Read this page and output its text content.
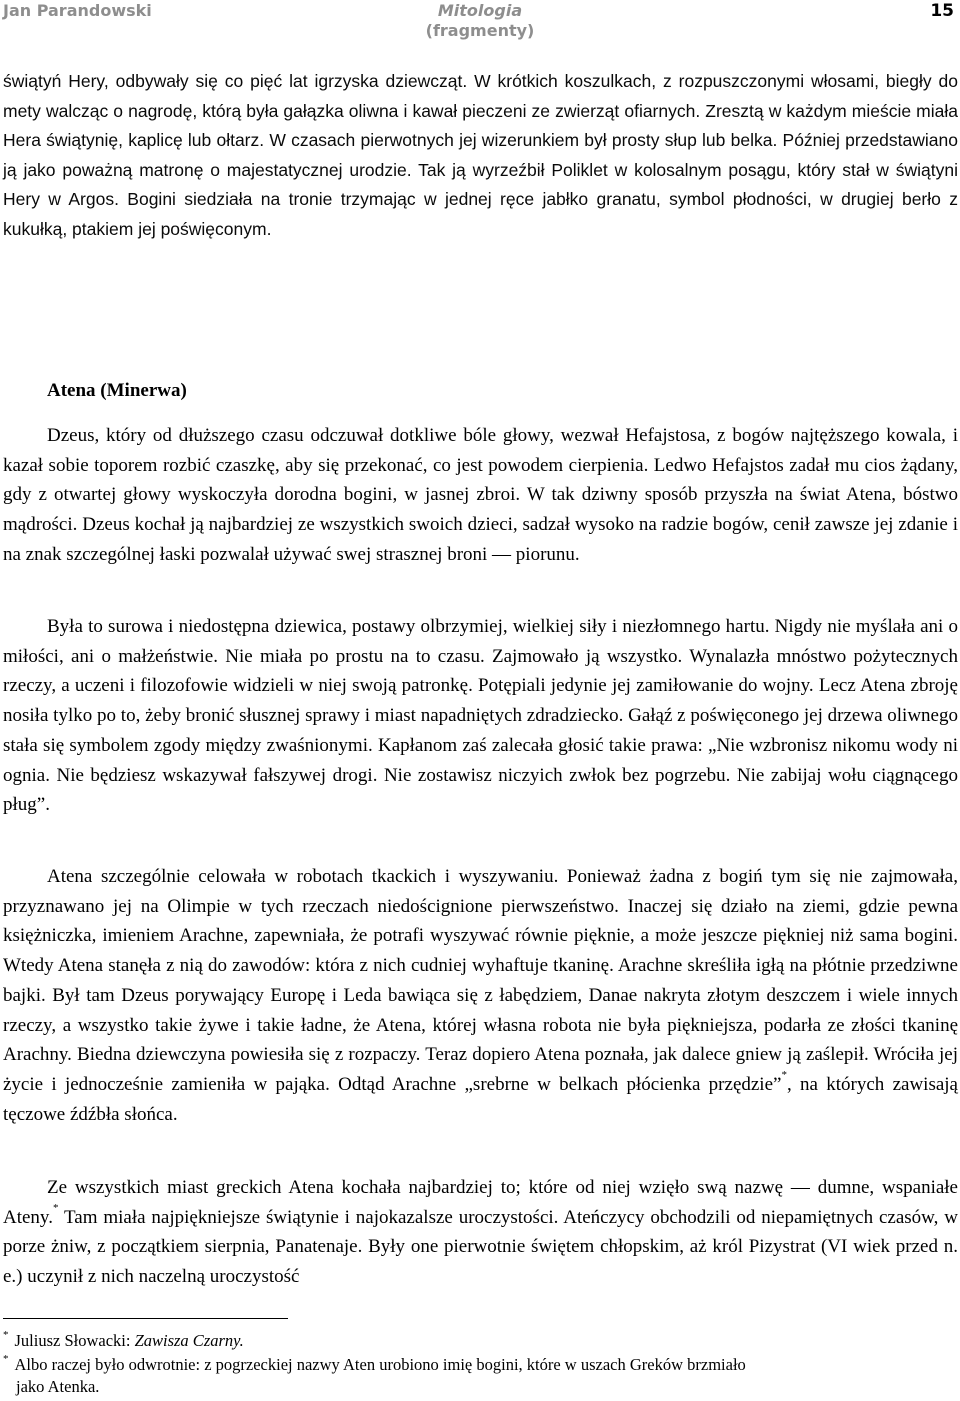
Jan Parandowski	Mitologia
(fragmenty)
15

świątyń Hery, odbywały się co pięć lat igrzyska dziewcząt. W krótkich koszulkach, z rozpuszczonymi włosami, biegły do mety walcząc o nagrodę, którą była gałązka oliwna i kawał pieczeni ze zwierząt ofiarnych. Zresztą w każdym mieście miała Hera świątynię, kaplicę lub ołtarz. W czasach pierwotnych jej wizerunkiem był prosty słup lub belka. Później przedstawiano ją jako poważną matronę o majestatycznej urodzie. Tak ją wyrzeźbił Poliklet w kolosalnym posągu, który stał w świątyni Hery w Argos. Bogini siedziała na tronie trzymając w jednej ręce jabłko granatu, symbol płodności, w drugiej berło z kukułką, ptakiem jej poświęconym.

Atena (Minerwa)

Dzeus, który od dłuższego czasu odczuwał dotkliwe bóle głowy, wezwał Hefajstosa, z bogów najtęższego kowala, i kazał sobie toporem rozbić czaszkę, aby się przekonać, co jest powodem cierpienia. Ledwo Hefajstos zadał mu cios żądany, gdy z otwartej głowy wyskoczyła dorodna bogini, w jasnej zbroi. W tak dziwny sposób przyszła na świat Atena, bóstwo mądrości. Dzeus kochał ją najbardziej ze wszystkich swoich dzieci, sadzał wysoko na radzie bogów, cenił zawsze jej zdanie i na znak szczególnej łaski pozwalał używać swej strasznej broni — piorunu.

Była to surowa i niedostępna dziewica, postawy olbrzymiej, wielkiej siły i niezłomnego hartu. Nigdy nie myślała ani o miłości, ani o małżeństwie. Nie miała po prostu na to czasu. Zajmowało ją wszystko. Wynalazła mnóstwo pożytecznych rzeczy, a uczeni i filozofowie widzieli w niej swoją patronkę. Potępiali jedynie jej zamiłowanie do wojny. Lecz Atena zbroję nosiła tylko po to, żeby bronić słusznej sprawy i miast napadniętych zdradziecko. Gałąź z poświęconego jej drzewa oliwnego stała się symbolem zgody między zwaśnionymi. Kapłanom zaś zalecała głosić takie prawa: „Nie wzbronisz nikomu wody ni ognia. Nie będziesz wskazywał fałszywej drogi. Nie zostawisz niczyich zwłok bez pogrzebu. Nie zabijaj wołu ciągnącego pług”.

Atena szczególnie celowała w robotach tkackich i wyszywaniu. Ponieważ żadna z bogiń tym się nie zajmowała, przyznawano jej na Olimpie w tych rzeczach niedoścignione pierwszeństwo. Inaczej się działo na ziemi, gdzie pewna księżniczka, imieniem Arachne, zapewniała, że potrafi wyszywać równie pięknie, a może jeszcze piękniej niż sama bogini. Wtedy Atena stanęła z nią do zawodów: która z nich cudniej wyhaftuje tkaninę. Arachne skreśliła igłą na płótnie przedziwne bajki. Był tam Dzeus porywający Europę i Leda bawiąca się z łabędziem, Danae nakryta złotym deszczem i wiele innych rzeczy, a wszystko takie żywe i takie ładne, że Atena, której własna robota nie była piękniejsza, podarła ze złości tkaninę Arachny. Biedna dziewczyna powiesiła się z rozpaczy. Teraz dopiero Atena poznała, jak dalece gniew ją zaślepił. Wróciła jej życie i jednocześnie zamieniła w pająka. Odtąd Arachne „srebrne w belkach płócienka przędzie”*, na których zawisają tęczowe źdźbła słońca.

Ze wszystkich miast greckich Atena kochała najbardziej to; które od niej wzięło swą nazwę — dumne, wspaniałe Ateny.* Tam miała najpiękniejsze świątynie i najokazalsze uroczystości. Ateńczycy obchodzili od niepamiętnych czasów, w porze żniw, z początkiem sierpnia, Panatenaje. Były one pierwotnie świętem chłopskim, aż król Pizystrat (VI wiek przed n. e.) uczynił z nich naczelną uroczystość

* Juliusz Słowacki: Zawisza Czarny.

* Albo raczej było odwrotnie: z pogrzeckiej nazwy Aten urobiono imię bogini, które w uszach Greków brzmiało
jako Atenka.
